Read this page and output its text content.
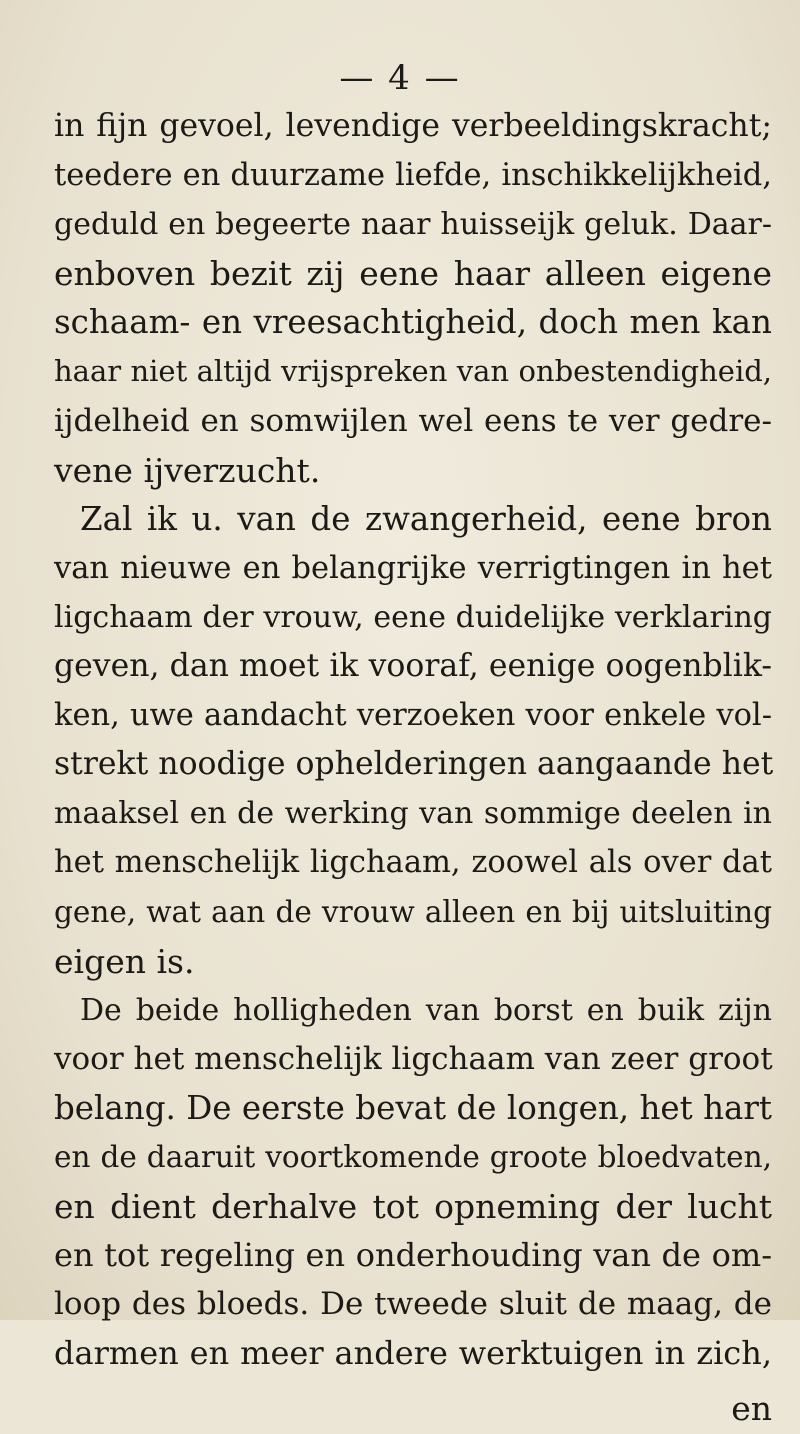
— 4 —
in fijn gevoel, levendige verbeeldingskracht;
teedere en duurzame liefde, inschikkelijkheid,
geduld en begeerte naar huisseijk geluk. Daar-
enboven bezit zij eene haar alleen eigene
schaam- en vreesachtigheid, doch men kan
haar niet altijd vrijspreken van onbestendigheid,
ijdelheid en somwijlen wel eens te ver gedre-
vene ijverzucht.
Zal ik u. van de zwangerheid, eene bron
van nieuwe en belangrijke verrigtingen in het
ligchaam der vrouw, eene duidelijke verklaring
geven, dan moet ik vooraf, eenige oogenblik-
ken, uwe aandacht verzoeken voor enkele vol-
strekt noodige ophelderingen aangaande het
maaksel en de werking van sommige deelen in
het menschelijk ligchaam, zoowel als over dat
gene, wat aan de vrouw alleen en bij uitsluiting
eigen is.
De beide holligheden van borst en buik zijn
voor het menschelijk ligchaam van zeer groot
belang. De eerste bevat de longen, het hart
en de daaruit voortkomende groote bloedvaten,
en dient derhalve tot opneming der lucht
en tot regeling en onderhouding van de om-
loop des bloeds. De tweede sluit de maag, de
darmen en meer andere werktuigen in zich,
en
